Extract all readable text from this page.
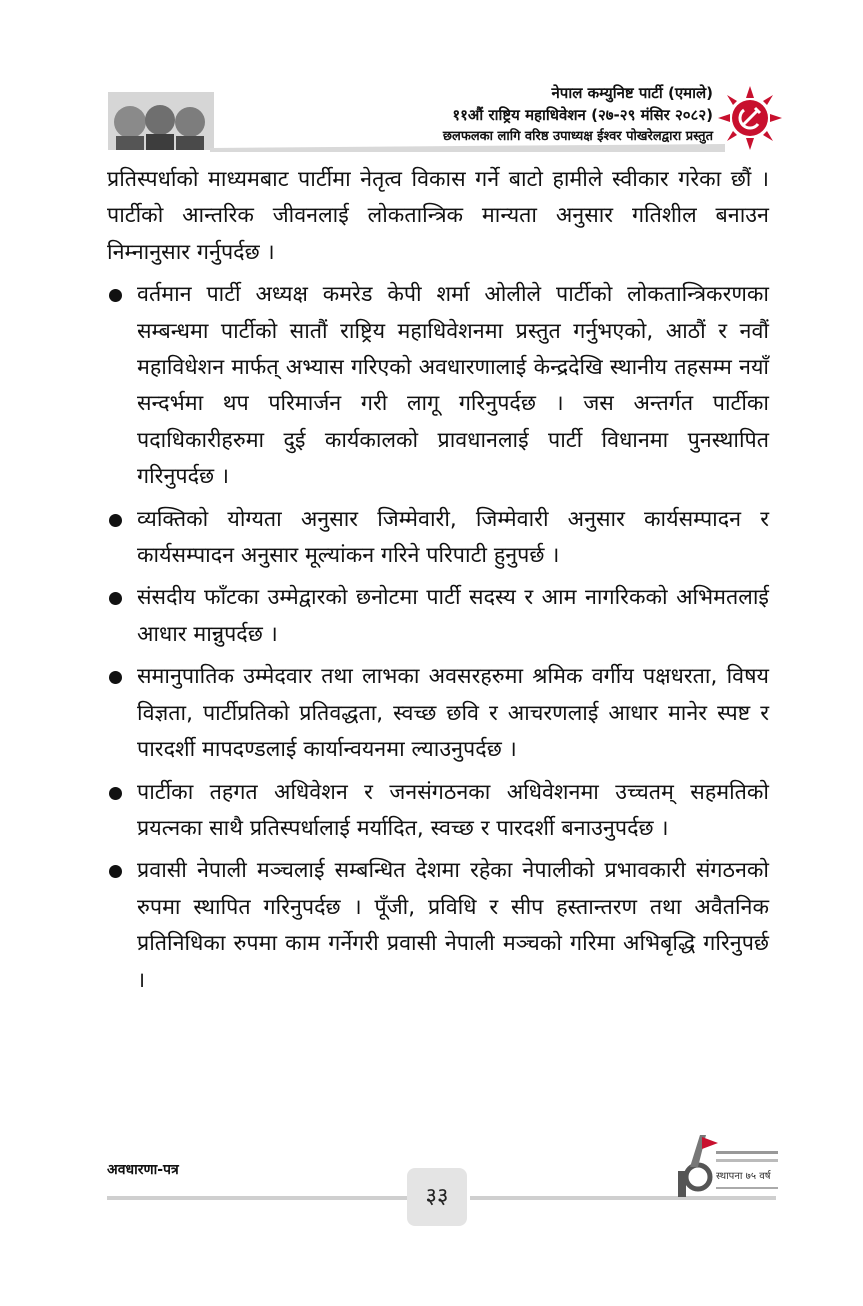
नेपाल कम्युनिष्ट पार्टी (एमाले)
११औं राष्ट्रिय महाधिवेशन (२७-२९ मंसिर २०८२)
छलफलका लागि वरिष्ठ उपाध्यक्ष ईश्वर पोखरेलद्वारा प्रस्तुत

प्रतिस्पर्धाको माध्यमबाट पार्टीमा नेतृत्व विकास गर्ने बाटो हामीले स्वीकार गरेका छौं । पार्टीको आन्तरिक जीवनलाई लोकतान्त्रिक मान्यता अनुसार गतिशील बनाउन निम्नानुसार गर्नुपर्दछ ।

वर्तमान पार्टी अध्यक्ष कमरेड केपी शर्मा ओलीले पार्टीको लोकतान्त्रिकरणका सम्बन्धमा पार्टीको सातौं राष्ट्रिय महाधिवेशनमा प्रस्तुत गर्नुभएको, आठौं र नवौं महाविधेशन मार्फत् अभ्यास गरिएको अवधारणालाई केन्द्रदेखि स्थानीय तहसम्म नयाँ सन्दर्भमा थप परिमार्जन गरी लागू गरिनुपर्दछ । जस अन्तर्गत पार्टीका पदाधिकारीहरुमा दुई कार्यकालको प्रावधानलाई पार्टी विधानमा पुनस्थापित गरिनुपर्दछ ।
व्यक्तिको योग्यता अनुसार जिम्मेवारी, जिम्मेवारी अनुसार कार्यसम्पादन र कार्यसम्पादन अनुसार मूल्यांकन गरिने परिपाटी हुनुपर्छ ।
संसदीय फाँटका उम्मेद्वारको छनोटमा पार्टी सदस्य र आम नागरिकको अभिमतलाई आधार मान्नुपर्दछ ।
समानुपातिक उम्मेदवार तथा लाभका अवसरहरुमा श्रमिक वर्गीय पक्षधरता, विषय विज्ञता, पार्टीप्रतिको प्रतिवद्धता, स्वच्छ छवि र आचरणलाई आधार मानेर स्पष्ट र पारदर्शी मापदण्डलाई कार्यान्वयनमा ल्याउनुपर्दछ ।
पार्टीका तहगत अधिवेशन र जनसंगठनका अधिवेशनमा उच्चतम् सहमतिको प्रयत्नका साथै प्रतिस्पर्धालाई मर्यादित, स्वच्छ र पारदर्शी बनाउनुपर्दछ ।
प्रवासी नेपाली मञ्चलाई सम्बन्धित देशमा रहेका नेपालीको प्रभावकारी संगठनको रुपमा स्थापित गरिनुपर्दछ । पूँजी, प्रविधि र सीप हस्तान्तरण तथा अवैतनिक प्रतिनिधिका रुपमा काम गर्नेगरी प्रवासी नेपाली मञ्चको गरिमा अभिबृद्धि गरिनुपर्छ ।
अवधारणा-पत्र
३३
स्थापना ७५ वर्ष
